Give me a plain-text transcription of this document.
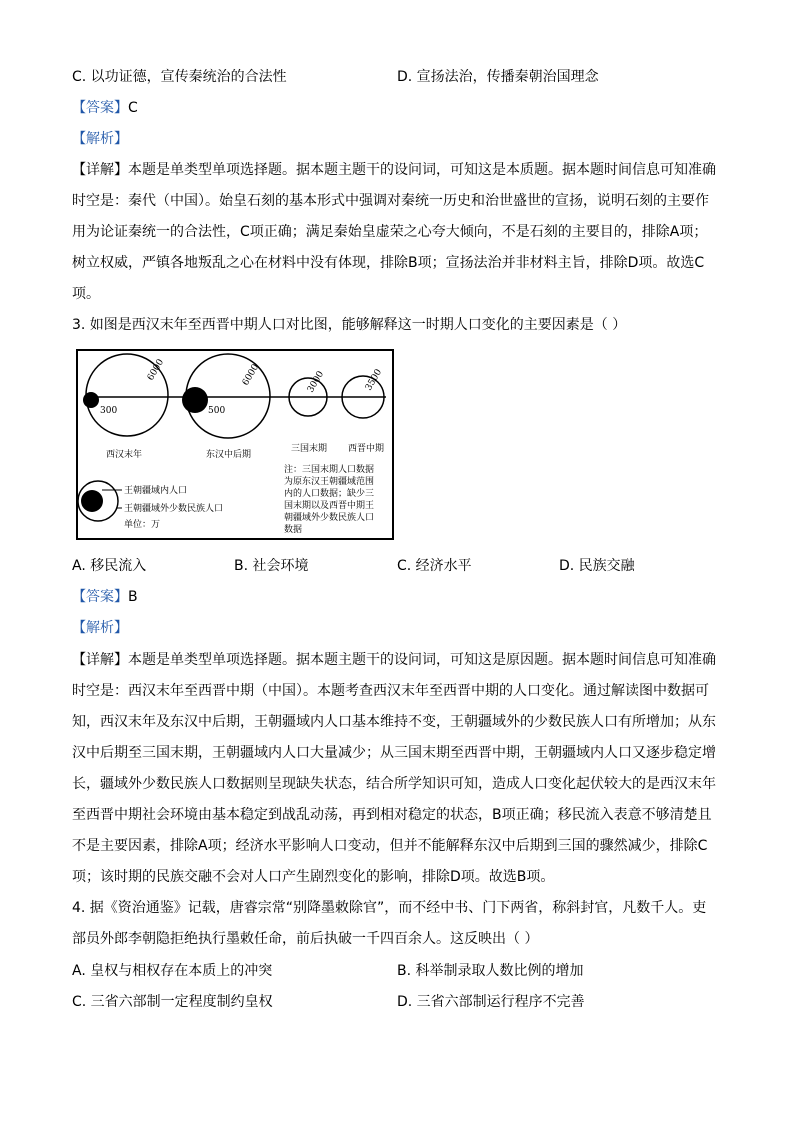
C. 以功证德，宣传秦统治的合法性	D. 宣扬法治，传播秦朝治国理念
【答案】C
【解析】
【详解】本题是单类型单项选择题。据本题主题干的设问词，可知这是本质题。据本题时间信息可知准确
时空是：秦代（中国）。始皇石刻的基本形式中强调对秦统一历史和治世盛世的宣扬，说明石刻的主要作
用为论证秦统一的合法性，C项正确；满足秦始皇虚荣之心夸大倾向，不是石刻的主要目的，排除A项；
树立权威，严镇各地叛乱之心在材料中没有体现，排除B项；宣扬法治并非材料主旨，排除D项。故选C
项。
3. 如图是西汉末年至西晋中期人口对比图，能够解释这一时期人口变化的主要因素是（ ）
6000
300
西汉末年
6000
500
东汉中后期
3000
三国末期
3500
西晋中期
王朝疆域内人口
王朝疆域外少数民族人口
单位：万
注：三国末期人口数据
为原东汉王朝疆域范围
内的人口数据；缺少三
国末期以及西晋中期王
朝疆域外少数民族人口
数据
A. 移民流入	B. 社会环境	C. 经济水平	D. 民族交融
【答案】B
【解析】
【详解】本题是单类型单项选择题。据本题主题干的设问词，可知这是原因题。据本题时间信息可知准确
时空是：西汉末年至西晋中期（中国）。本题考查西汉末年至西晋中期的人口变化。通过解读图中数据可
知，西汉末年及东汉中后期，王朝疆域内人口基本维持不变，王朝疆域外的少数民族人口有所增加；从东
汉中后期至三国末期，王朝疆域内人口大量减少；从三国末期至西晋中期，王朝疆域内人口又逐步稳定增
长，疆域外少数民族人口数据则呈现缺失状态，结合所学知识可知，造成人口变化起伏较大的是西汉末年
至西晋中期社会环境由基本稳定到战乱动荡，再到相对稳定的状态，B项正确；移民流入表意不够清楚且
不是主要因素，排除A项；经济水平影响人口变动，但并不能解释东汉中后期到三国的骤然减少，排除C
项；该时期的民族交融不会对人口产生剧烈变化的影响，排除D项。故选B项。
4. 据《资治通鉴》记载，唐睿宗常“别降墨敕除官”，而不经中书、门下两省，称斜封官，凡数千人。吏
部员外郎李朝隐拒绝执行墨敕任命，前后执破一千四百余人。这反映出（ ）
A. 皇权与相权存在本质上的冲突	B. 科举制录取人数比例的增加
C. 三省六部制一定程度制约皇权	D. 三省六部制运行程序不完善
